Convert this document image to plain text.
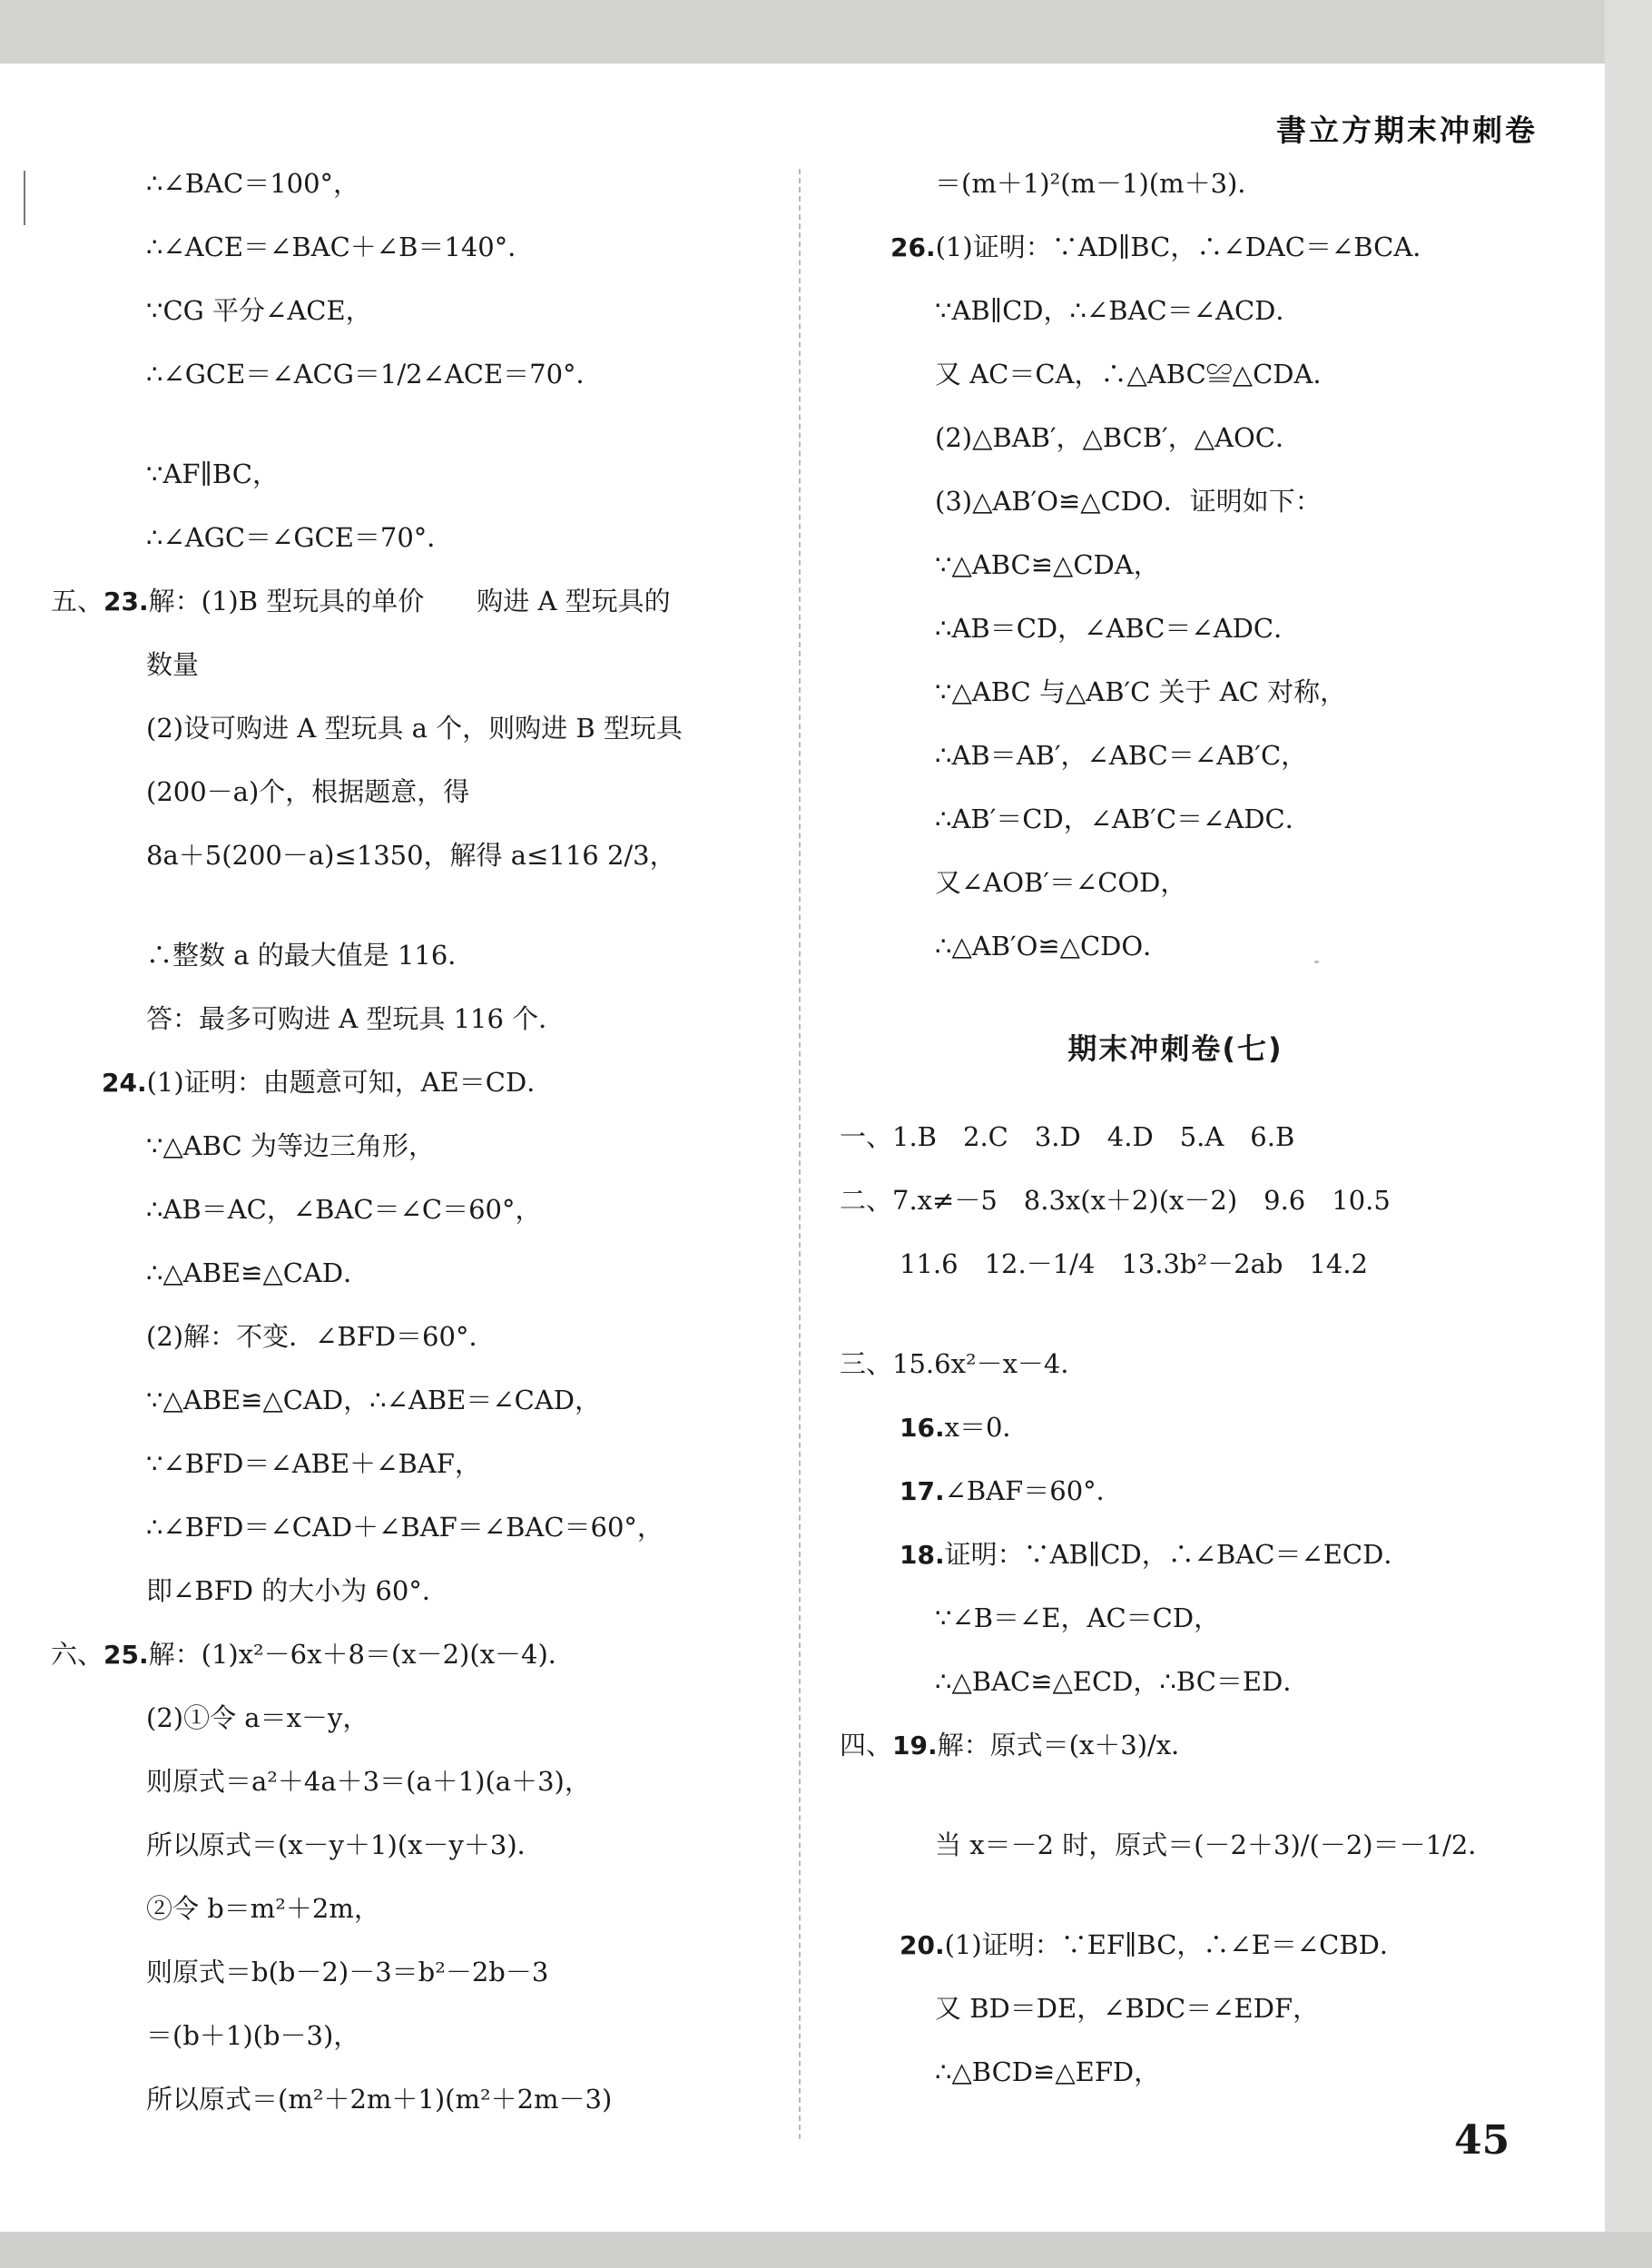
書立方期末冲刺卷
∴∠BAC＝100°，
∴∠ACE＝∠BAC＋∠B＝140°．
∵CG 平分∠ACE，
∴∠GCE＝∠ACG＝1/2∠ACE＝70°．
∵AF∥BC，
∴∠AGC＝∠GCE＝70°．
五、23.解：(1)B 型玩具的单价　　购进 A 型玩具的
数量
(2)设可购进 A 型玩具 a 个，则购进 B 型玩具
(200－a)个，根据题意，得
8a＋5(200－a)≤1350，解得 a≤116 2/3，
∴整数 a 的最大值是 116．
答：最多可购进 A 型玩具 116 个．
24.(1)证明：由题意可知，AE＝CD．
∵△ABC 为等边三角形，
∴AB＝AC，∠BAC＝∠C＝60°，
∴△ABE≌△CAD．
(2)解：不变．∠BFD＝60°．
∵△ABE≌△CAD，∴∠ABE＝∠CAD，
∵∠BFD＝∠ABE＋∠BAF，
∴∠BFD＝∠CAD＋∠BAF＝∠BAC＝60°，
即∠BFD 的大小为 60°．
六、25.解：(1)x²－6x＋8＝(x－2)(x－4)．
(2)①令 a＝x－y，
则原式＝a²＋4a＋3＝(a＋1)(a＋3)，
所以原式＝(x－y＋1)(x－y＋3)．
②令 b＝m²＋2m，
则原式＝b(b－2)－3＝b²－2b－3
＝(b＋1)(b－3)，
所以原式＝(m²＋2m＋1)(m²＋2m－3)
＝(m＋1)²(m－1)(m＋3)．
26.(1)证明：∵AD∥BC，∴∠DAC＝∠BCA．
∵AB∥CD，∴∠BAC＝∠ACD．
又 AC＝CA，∴△ABC≌△CDA．
(2)△BAB′，△BCB′，△AOC．
(3)△AB′O≌△CDO．证明如下：
∵△ABC≌△CDA，
∴AB＝CD，∠ABC＝∠ADC．
∵△ABC 与△AB′C 关于 AC 对称，
∴AB＝AB′，∠ABC＝∠AB′C，
∴AB′＝CD，∠AB′C＝∠ADC．
又∠AOB′＝∠COD，
∴△AB′O≌△CDO．
期末冲刺卷(七)
一、1.B　2.C　3.D　4.D　5.A　6.B
二、7.x≠－5　8.3x(x＋2)(x－2)　9.6　10.5
11.6　12.－1/4　13.3b²－2ab　14.2
三、15.6x²－x－4．
16.x＝0．
17.∠BAF＝60°．
18.证明：∵AB∥CD，∴∠BAC＝∠ECD．
∵∠B＝∠E，AC＝CD，
∴△BAC≌△ECD，∴BC＝ED．
四、19.解：原式＝(x＋3)/x．
当 x＝－2 时，原式＝(－2＋3)/(－2)＝－1/2．
20.(1)证明：∵EF∥BC，∴∠E＝∠CBD．
又 BD＝DE，∠BDC＝∠EDF，
∴△BCD≌△EFD，
45
